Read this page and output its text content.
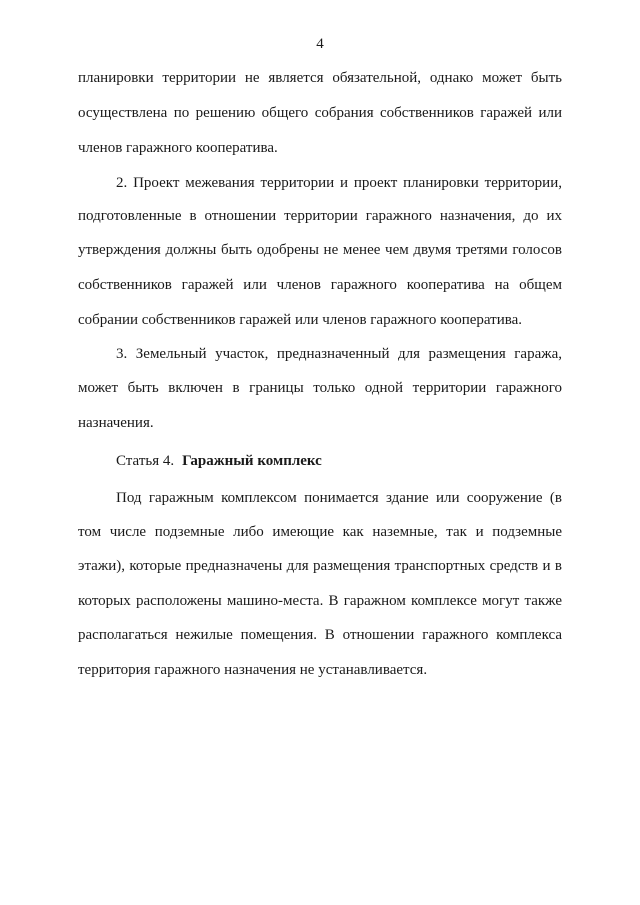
4
планировки территории не является обязательной, однако может быть
осуществлена по решению общего собрания собственников гаражей или
членов гаражного кооператива.
2. Проект межевания территории и проект планировки территории,
подготовленные в отношении территории гаражного назначения, до их
утверждения должны быть одобрены не менее чем двумя третями голосов
собственников гаражей или членов гаражного кооператива на общем
собрании собственников гаражей или членов гаражного кооператива.
3. Земельный участок, предназначенный для размещения гаража,
может быть включен в границы только одной территории гаражного
назначения.
Статья 4. Гаражный комплекс
Под гаражным комплексом понимается здание или сооружение (в
том числе подземные либо имеющие как наземные, так и подземные
этажи), которые предназначены для размещения транспортных средств и в
которых расположены машино-места. В гаражном комплексе могут также
располагаться нежилые помещения. В отношении гаражного комплекса
территория гаражного назначения не устанавливается.
